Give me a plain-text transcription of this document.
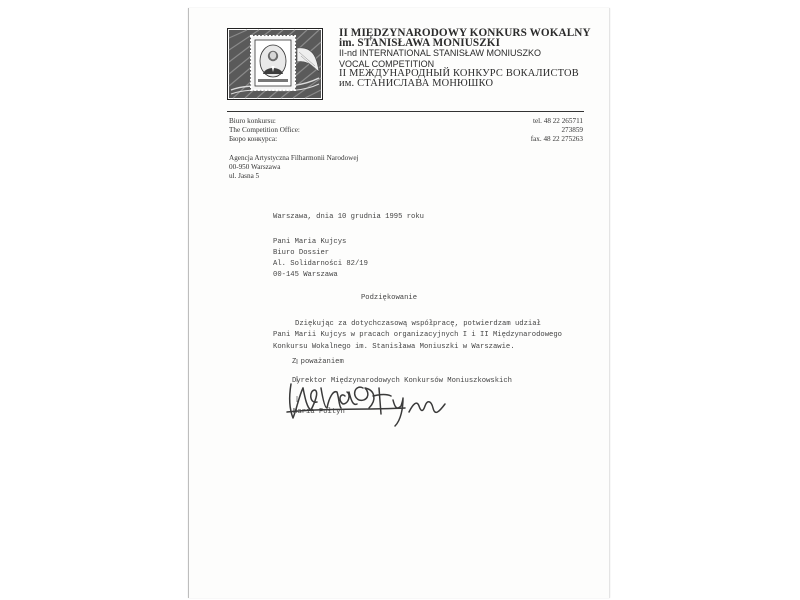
II MIĘDZYNARODOWY KONKURS WOKALNY
im. STANISŁAWA MONIUSZKI
II-nd INTERNATIONAL STANISŁAW MONIUSZKO
VOCAL COMPETITION
II МЕЖДУНАРОДНЫЙ КОНКУРС ВОКАЛИСТОВ
им. СТАНИСЛАВА МОНЮШКО
Biuro konkursu:
The Competition Office:
Бюро конкурса:
tel. 48 22 265711
273859
fax. 48 22 275263
Agencja Artystyczna Filharmonii Narodowej
00-950 Warszawa
ul. Jasna 5
Warszawa, dnia 10 grudnia 1995 roku
Pani Maria Kujcys
Biuro Dossier
Al. Solidarności 82/19
00-145 Warszawa
Podziękowanie
Dziękując za dotychczasową współpracę, potwierdzam udział
Pani Marii Kujcys w pracach organizacyjnych I i II Międzynarodowego
Konkursu Wokalnego im. Stanisława Moniuszki w Warszawie.
Z poważaniem
Dyrektor Międzynarodowych Konkursów Moniuszkowskich
Maria Fołtyn
